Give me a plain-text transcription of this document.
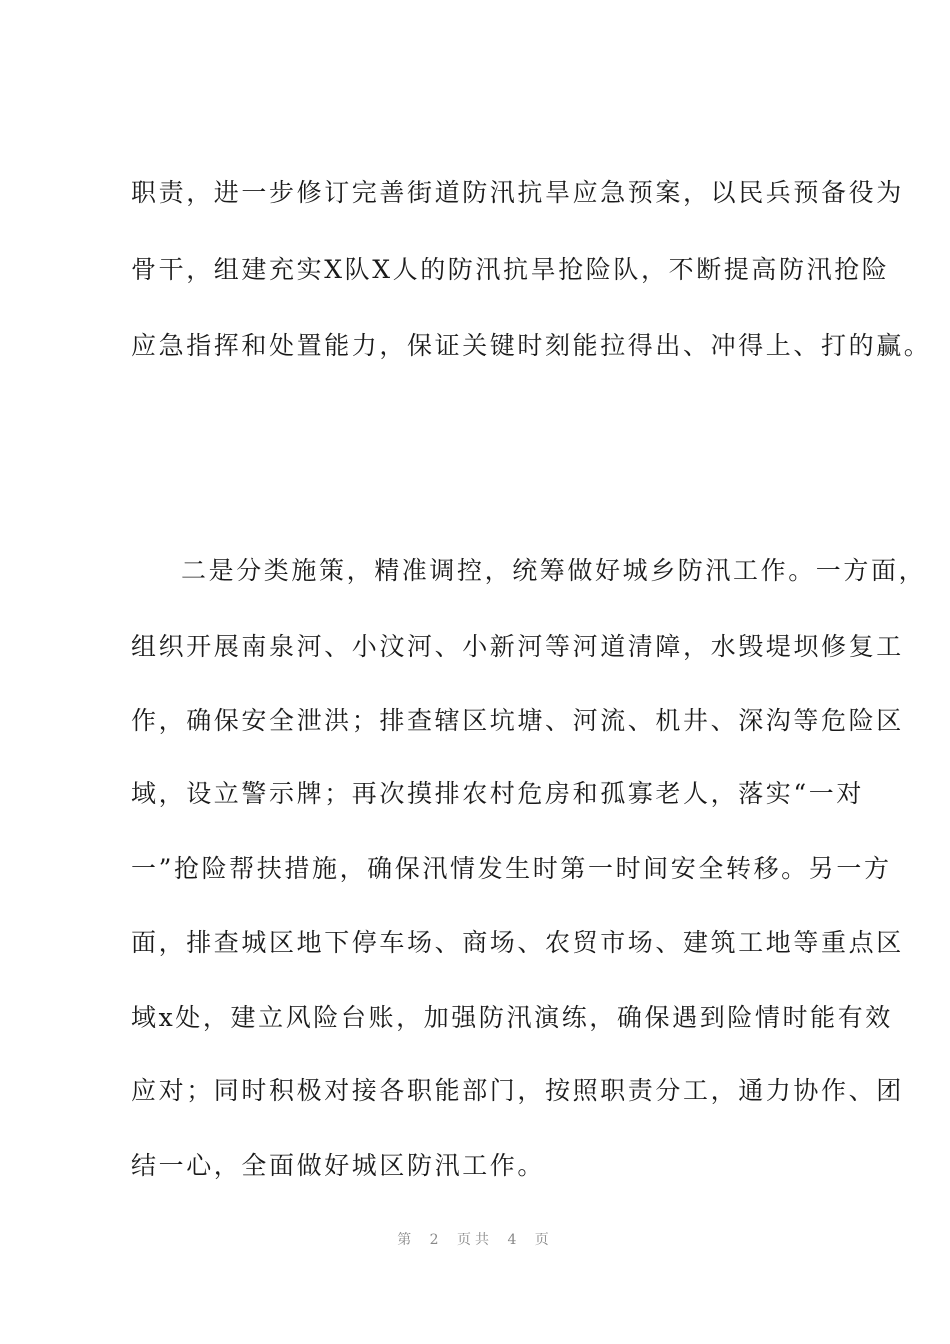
职责，进一步修订完善街道防汛抗旱应急预案，以民兵预备役为
骨干，组建充实X队X人的防汛抗旱抢险队，不断提高防汛抢险
应急指挥和处置能力，保证关键时刻能拉得出、冲得上、打的赢。
二是分类施策，精准调控，统筹做好城乡防汛工作。一方面，
组织开展南泉河、小汶河、小新河等河道清障，水毁堤坝修复工
作，确保安全泄洪；排查辖区坑塘、河流、机井、深沟等危险区
域，设立警示牌；再次摸排农村危房和孤寡老人，落实“一对
一”抢险帮扶措施，确保汛情发生时第一时间安全转移。另一方
面，排查城区地下停车场、商场、农贸市场、建筑工地等重点区
域x处，建立风险台账，加强防汛演练，确保遇到险情时能有效
应对；同时积极对接各职能部门，按照职责分工，通力协作、团
结一心，全面做好城区防汛工作。
第 2 页共 4 页
